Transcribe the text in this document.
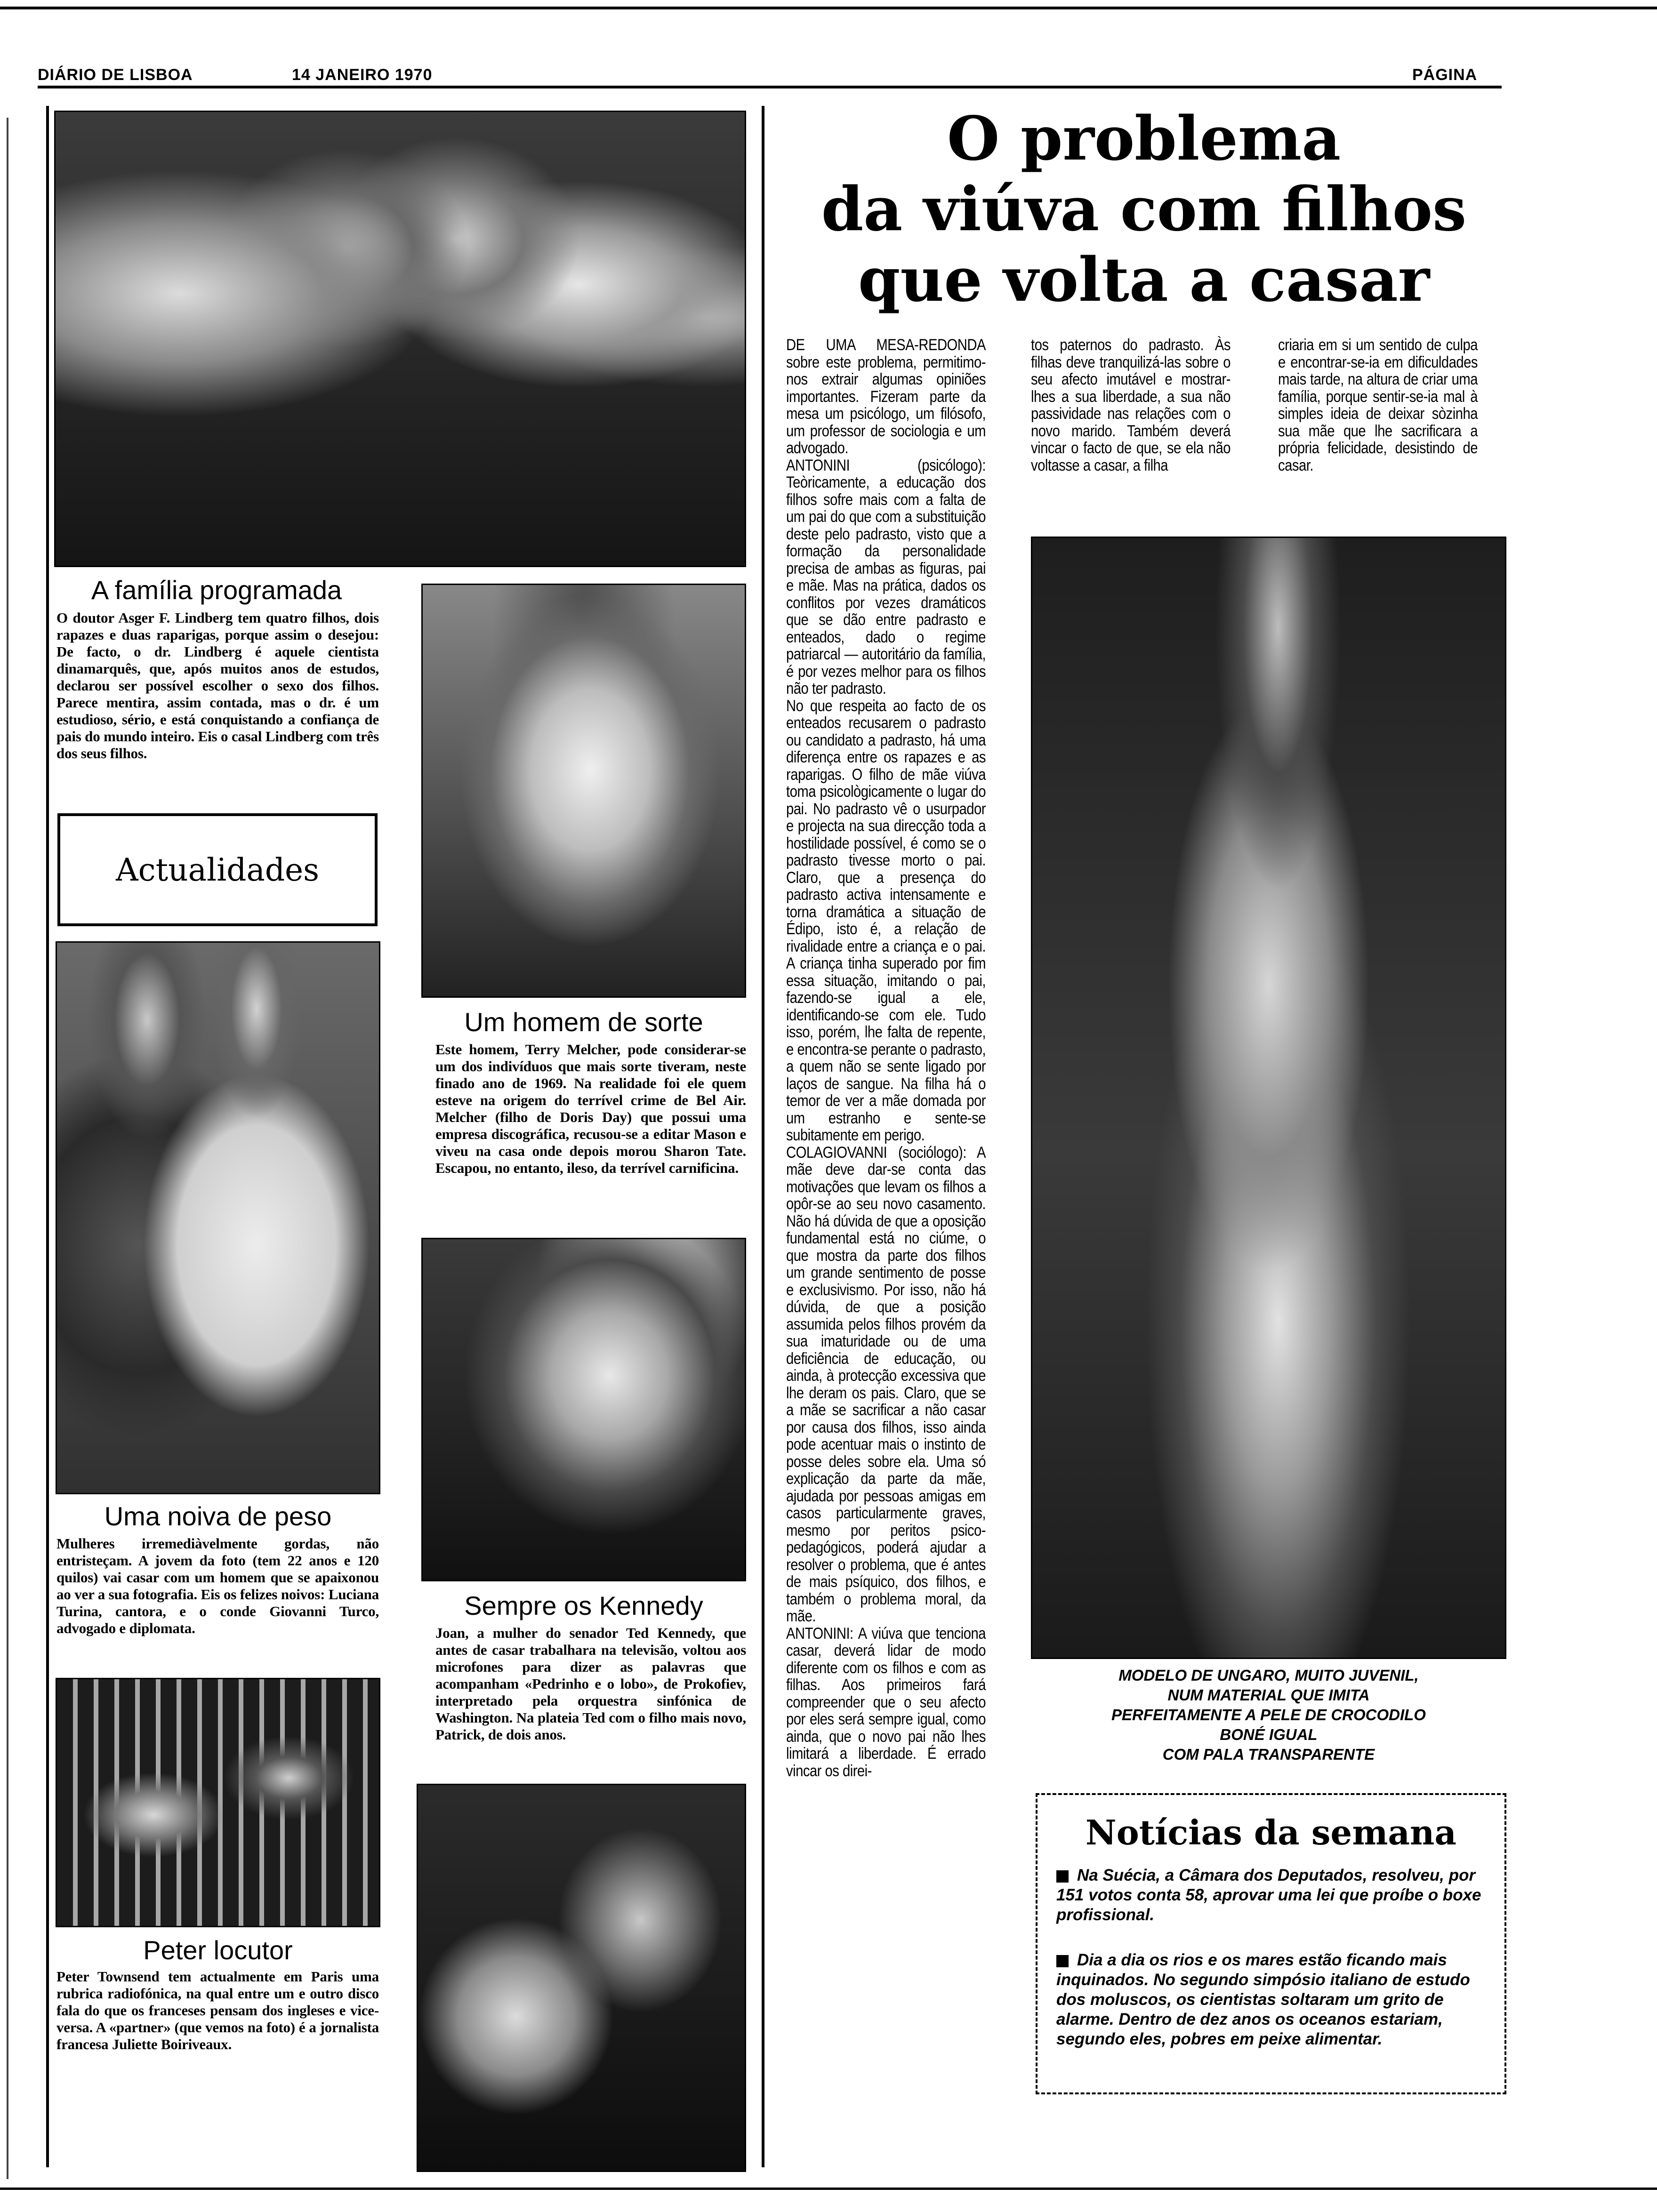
DIÁRIO DE LISBOA	14 JANEIRO 1970	PÁGINA
A família programada
O doutor Asger F. Lindberg tem quatro filhos, dois rapazes e duas raparigas, porque assim o desejou: De facto, o dr. Lindberg é aquele cientista dinamarquês, que, após muitos anos de estudos, declarou ser possível escolher o sexo dos filhos. Parece mentira, assim contada, mas o dr. é um estudioso, sério, e está conquistando a confiança de pais do mundo inteiro. Eis o casal Lindberg com três dos seus filhos.
Actualidades
Uma noiva de peso
Mulheres irremediàvelmente gordas, não entristeçam. A jovem da foto (tem 22 anos e 120 quilos) vai casar com um homem que se apaixonou ao ver a sua fotografia. Eis os felizes noivos: Luciana Turina, cantora, e o conde Giovanni Turco, advogado e diplomata.
Peter locutor
Peter Townsend tem actualmente em Paris uma rubrica radiofónica, na qual entre um e outro disco fala do que os franceses pensam dos ingleses e vice-versa. A «partner» (que vemos na foto) é a jornalista francesa Juliette Boiriveaux.
Um homem de sorte
Este homem, Terry Melcher, pode considerar-se um dos indivíduos que mais sorte tiveram, neste finado ano de 1969. Na realidade foi ele quem esteve na origem do terrível crime de Bel Air. Melcher (filho de Doris Day) que possui uma empresa discográfica, recusou-se a editar Mason e viveu na casa onde depois morou Sharon Tate. Escapou, no entanto, ileso, da terrível carnificina.
Sempre os Kennedy
Joan, a mulher do senador Ted Kennedy, que antes de casar trabalhara na televisão, voltou aos microfones para dizer as palavras que acompanham «Pedrinho e o lobo», de Prokofiev, interpretado pela orquestra sinfónica de Washington. Na plateia Ted com o filho mais novo, Patrick, de dois anos.
O problema
da viúva com filhos
que volta a casar
DE UMA MESA-REDONDA sobre este problema, permitimo-nos extrair algumas opiniões importantes. Fizeram parte da mesa um psicólogo, um filósofo, um professor de sociologia e um advogado.
ANTONINI (psicólogo): Teòricamente, a educação dos filhos sofre mais com a falta de um pai do que com a substituição deste pelo padrasto, visto que a formação da personalidade precisa de ambas as figuras, pai e mãe. Mas na prática, dados os conflitos por vezes dramáticos que se dão entre padrasto e enteados, dado o regime patriarcal — autoritário da família, é por vezes melhor para os filhos não ter padrasto.
No que respeita ao facto de os enteados recusarem o padrasto ou candidato a padrasto, há uma diferença entre os rapazes e as raparigas. O filho de mãe viúva toma psicològicamente o lugar do pai. No padrasto vê o usurpador e projecta na sua direcção toda a hostilidade possível, é como se o padrasto tivesse morto o pai. Claro, que a presença do padrasto activa intensamente e torna dramática a situação de Édipo, isto é, a relação de rivalidade entre a criança e o pai. A criança tinha superado por fim essa situação, imitando o pai, fazendo-se igual a ele, identificando-se com ele. Tudo isso, porém, lhe falta de repente, e encontra-se perante o padrasto, a quem não se sente ligado por laços de sangue. Na filha há o temor de ver a mãe domada por um estranho e sente-se subitamente em perigo.
COLAGIOVANNI (sociólogo): A mãe deve dar-se conta das motivações que levam os filhos a opôr-se ao seu novo casamento. Não há dúvida de que a oposição fundamental está no ciúme, o que mostra da parte dos filhos um grande sentimento de posse e exclusivismo. Por isso, não há dúvida, de que a posição assumida pelos filhos provém da sua imaturidade ou de uma deficiência de educação, ou ainda, à protecção excessiva que lhe deram os pais. Claro, que se a mãe se sacrificar a não casar por causa dos filhos, isso ainda pode acentuar mais o instinto de posse deles sobre ela. Uma só explicação da parte da mãe, ajudada por pessoas amigas em casos particularmente graves, mesmo por peritos psico-pedagógicos, poderá ajudar a resolver o problema, que é antes de mais psíquico, dos filhos, e também o problema moral, da mãe.
ANTONINI: A viúva que tenciona casar, deverá lidar de modo diferente com os filhos e com as filhas. Aos primeiros fará compreender que o seu afecto por eles será sempre igual, como ainda, que o novo pai não lhes limitará a liberdade. É errado vincar os direi-
tos paternos do padrasto. Às filhas deve tranquilizá-las sobre o seu afecto imutável e mostrar-lhes a sua liberdade, a sua não passividade nas relações com o novo marido. Também deverá vincar o facto de que, se ela não voltasse a casar, a filha
criaria em si um sentido de culpa e encontrar-se-ia em dificuldades mais tarde, na altura de criar uma família, porque sentir-se-ia mal à simples ideia de deixar sòzinha sua mãe que lhe sacrificara a própria felicidade, desistindo de casar.
MODELO DE UNGARO, MUITO JUVENIL,
NUM MATERIAL QUE IMITA
PERFEITAMENTE A PELE DE CROCODILO
BONÉ IGUAL
COM PALA TRANSPARENTE
Notícias da semana
Na Suécia, a Câmara dos Deputados, resolveu, por 151 votos conta 58, aprovar uma lei que proíbe o boxe profissional.
Dia a dia os rios e os mares estão ficando mais inquinados. No segundo simpósio italiano de estudo dos moluscos, os cientistas soltaram um grito de alarme. Dentro de dez anos os oceanos estariam, segundo eles, pobres em peixe alimentar.
